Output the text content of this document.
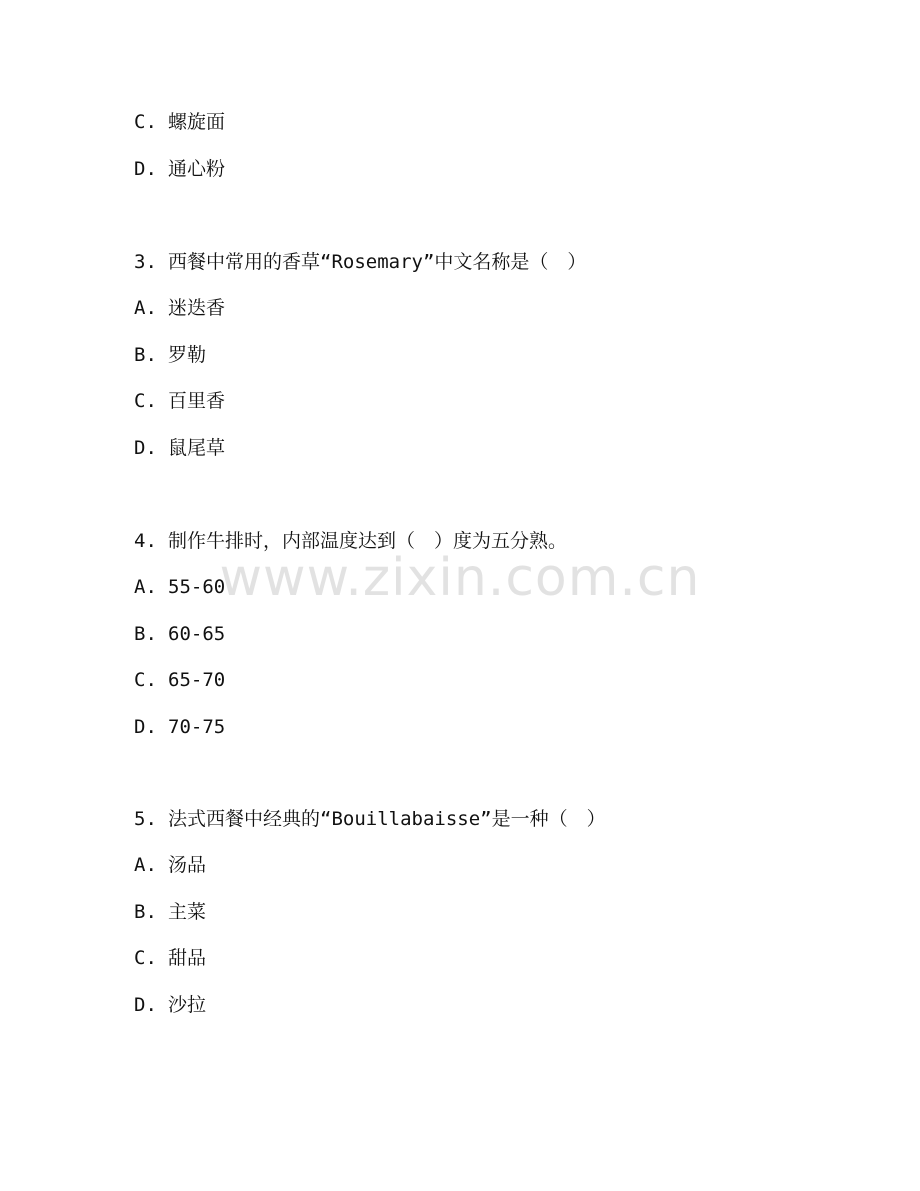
C. 螺旋面
D. 通心粉
3. 西餐中常用的香草“Rosemary”中文名称是（　）
A. 迷迭香
B. 罗勒
C. 百里香
D. 鼠尾草
4. 制作牛排时，内部温度达到（　）度为五分熟。
A. 55-60
B. 60-65
C. 65-70
D. 70-75
5. 法式西餐中经典的“Bouillabaisse”是一种（　）
A. 汤品
B. 主菜
C. 甜品
D. 沙拉
www.zixin.com.cn
